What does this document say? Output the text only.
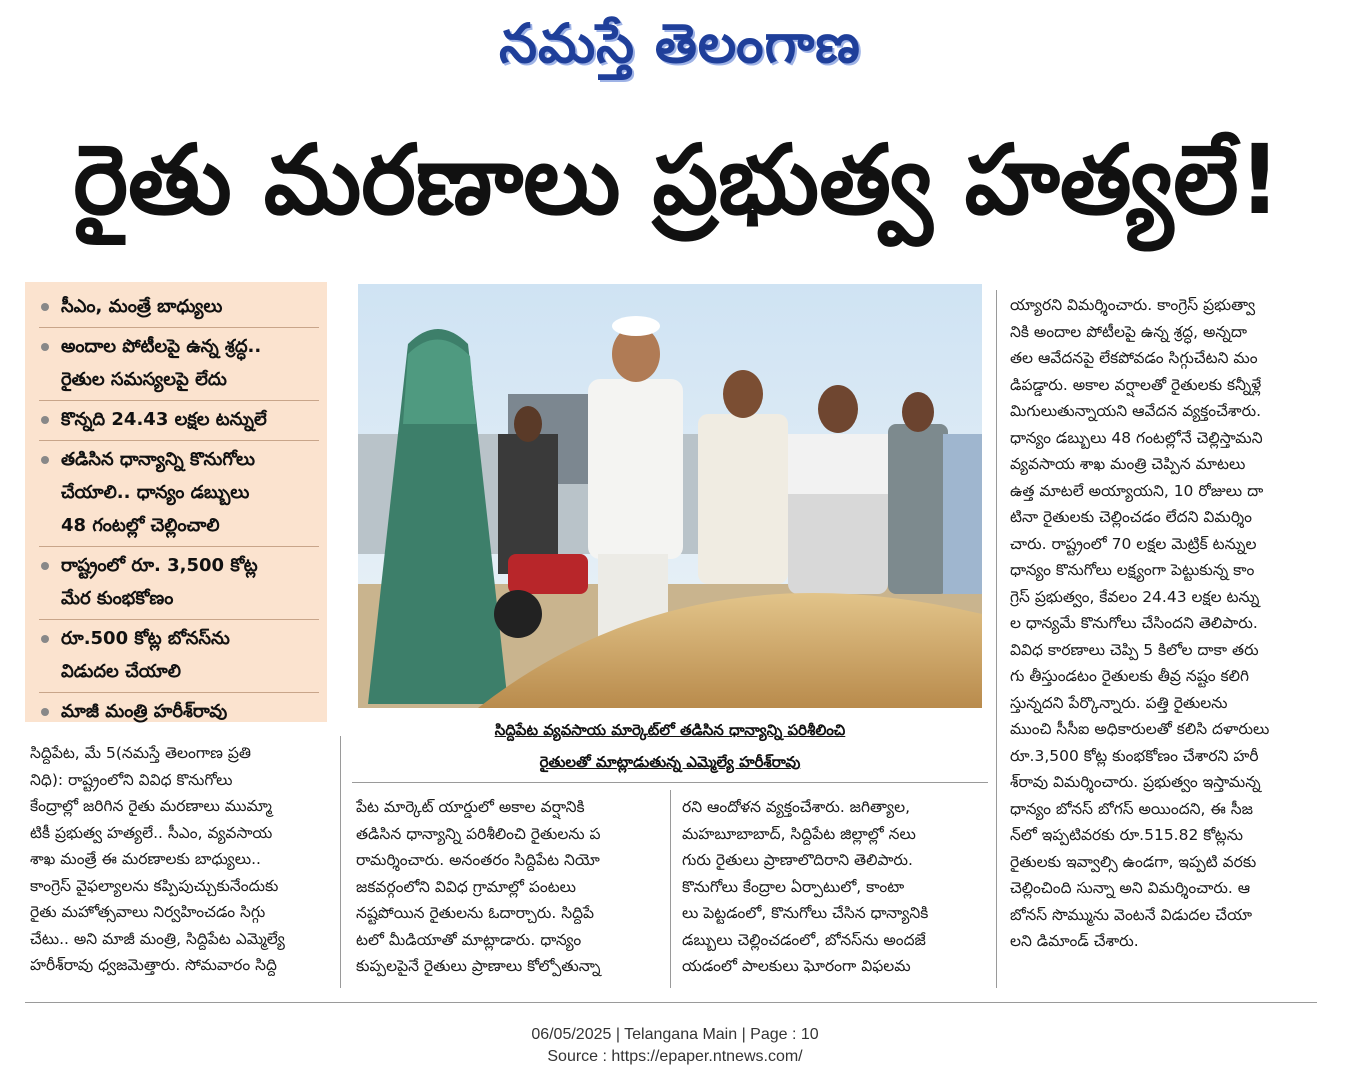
నమస్తే తెలంగాణ
రైతు మరణాలు ప్రభుత్వ హత్యలే!
సీఎం, మంత్రే బాధ్యులు
అందాల పోటీలపై ఉన్న శ్రద్ధ..
రైతుల సమస్యలపై లేదు
కొన్నది 24.43 లక్షల టన్నులే
తడిసిన ధాన్యాన్ని కొనుగోలు
చేయాలి.. ధాన్యం డబ్బులు
48 గంటల్లో చెల్లించాలి
రాష్ట్రంలో రూ. 3,500 కోట్ల
మేర కుంభకోణం
రూ.500 కోట్ల బోనస్‌ను
విడుదల చేయాలి
మాజీ మంత్రి హరీశ్‌రావు
సిద్దిపేట వ్యవసాయ మార్కెట్‌లో తడిసిన ధాన్యాన్ని పరిశీలించి
రైతులతో మాట్లాడుతున్న ఎమ్మెల్యే హరీశ్‌రావు
సిద్దిపేట, మే 5(నమస్తే తెలంగాణ ప్రతి
నిధి): రాష్ట్రంలోని వివిధ కొనుగోలు
కేంద్రాల్లో జరిగిన రైతు మరణాలు ముమ్మా
టికీ ప్రభుత్వ హత్యలే.. సీఎం, వ్యవసాయ
శాఖ మంత్రే ఈ మరణాలకు బాధ్యులు..
కాంగ్రెస్ వైఫల్యాలను కప్పిపుచ్చుకునేందుకు
రైతు మహోత్సవాలు నిర్వహించడం సిగ్గు
చేటు.. అని మాజీ మంత్రి, సిద్దిపేట ఎమ్మెల్యే
హరీశ్‌రావు ధ్వజమెత్తారు. సోమవారం సిద్ది
పేట మార్కెట్ యార్డులో అకాల వర్షానికి
తడిసిన ధాన్యాన్ని పరిశీలించి రైతులను ప
రామర్శించారు. అనంతరం సిద్దిపేట నియో
జకవర్గంలోని వివిధ గ్రామాల్లో పంటలు
నష్టపోయిన రైతులను ఓదార్చారు. సిద్దిపే
టలో మీడియాతో మాట్లాడారు. ధాన్యం
కుప్పలపైనే రైతులు ప్రాణాలు కోల్పోతున్నా
రని ఆందోళన వ్యక్తంచేశారు. జగిత్యాల,
మహబూబాబాద్, సిద్దిపేట జిల్లాల్లో నలు
గురు రైతులు ప్రాణాలొదిరాని తెలిపారు.
కొనుగోలు కేంద్రాల ఏర్పాటులో, కాంటా
లు పెట్టడంలో, కొనుగోలు చేసిన ధాన్యానికి
డబ్బులు చెల్లించడంలో, బోనస్‌ను అందజే
యడంలో పాలకులు ఘోరంగా విఫలమ
య్యారని విమర్శించారు. కాంగ్రెస్ ప్రభుత్వా
నికి అందాల పోటీలపై ఉన్న శ్రద్ధ, అన్నదా
తల ఆవేదనపై లేకపోవడం సిగ్గుచేటని మం
డిపడ్డారు. అకాల వర్షాలతో రైతులకు కన్నీళ్లే
మిగులుతున్నాయని ఆవేదన వ్యక్తంచేశారు.
ధాన్యం డబ్బులు 48 గంటల్లోనే చెల్లిస్తామని
వ్యవసాయ శాఖ మంత్రి చెప్పిన మాటలు
ఉత్త మాటలే అయ్యాయని, 10 రోజులు దా
టినా రైతులకు చెల్లించడం లేదని విమర్శిం
చారు. రాష్ట్రంలో 70 లక్షల మెట్రిక్ టన్నుల
ధాన్యం కొనుగోలు లక్ష్యంగా పెట్టుకున్న కాం
గ్రెస్ ప్రభుత్వం, కేవలం 24.43 లక్షల టన్ను
ల ధాన్యమే కొనుగోలు చేసిందని తెలిపారు.
వివిధ కారణాలు చెప్పి 5 కిలోల దాకా తరు
గు తీస్తుండటం రైతులకు తీవ్ర నష్టం కలిగి
స్తున్నదని పేర్కొన్నారు. పత్తి రైతులను
ముంచి సీసీఐ అధికారులతో కలిసి దళారులు
రూ.3,500 కోట్ల కుంభకోణం చేశారని హరీ
శ్‌రావు విమర్శించారు. ప్రభుత్వం ఇస్తామన్న
ధాన్యం బోనస్ బోగస్ అయిందని, ఈ సీజ
న్‌లో ఇప్పటివరకు రూ.515.82 కోట్లను
రైతులకు ఇవ్వాల్సి ఉండగా, ఇప్పటి వరకు
చెల్లించింది సున్నా అని విమర్శించారు. ఆ
బోనస్ సొమ్మును వెంటనే విడుదల చేయా
లని డిమాండ్ చేశారు.
06/05/2025 | Telangana Main | Page : 10
Source : https://epaper.ntnews.com/
